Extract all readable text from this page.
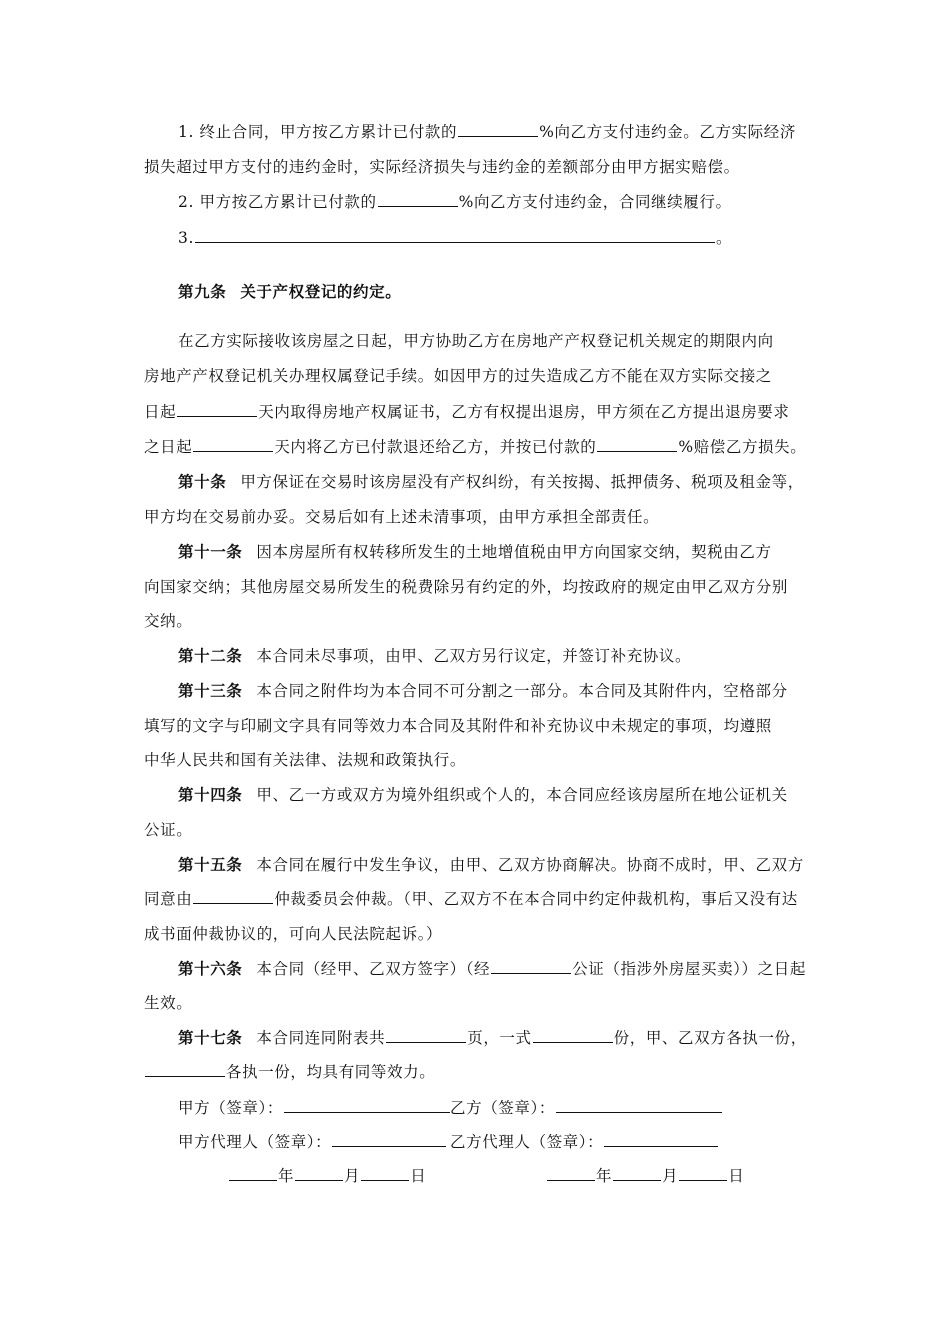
1. 终止合同，甲方按乙方累计已付款的	%向乙方支付违约金。乙方实际经济
损失超过甲方支付的违约金时，实际经济损失与违约金的差额部分由甲方据实赔偿。
2. 甲方按乙方累计已付款的	%向乙方支付违约金，合同继续履行。
3.	。
第九条 关于产权登记的约定。
在乙方实际接收该房屋之日起，甲方协助乙方在房地产产权登记机关规定的期限内向
房地产产权登记机关办理权属登记手续。如因甲方的过失造成乙方不能在双方实际交接之
日起	天内取得房地产权属证书，乙方有权提出退房，甲方须在乙方提出退房要求
之日起	天内将乙方已付款退还给乙方，并按已付款的	%赔偿乙方损失。
第十条 甲方保证在交易时该房屋没有产权纠纷，有关按揭、抵押债务、税项及租金等，
甲方均在交易前办妥。交易后如有上述未清事项，由甲方承担全部责任。
第十一条 因本房屋所有权转移所发生的土地增值税由甲方向国家交纳，契税由乙方
向国家交纳；其他房屋交易所发生的税费除另有约定的外，均按政府的规定由甲乙双方分别
交纳。
第十二条 本合同未尽事项，由甲、乙双方另行议定，并签订补充协议。
第十三条 本合同之附件均为本合同不可分割之一部分。本合同及其附件内，空格部分
填写的文字与印刷文字具有同等效力本合同及其附件和补充协议中未规定的事项，均遵照
中华人民共和国有关法律、法规和政策执行。
第十四条 甲、乙一方或双方为境外组织或个人的，本合同应经该房屋所在地公证机关
公证。
第十五条 本合同在履行中发生争议，由甲、乙双方协商解决。协商不成时，甲、乙双方
同意由	仲裁委员会仲裁。（甲、乙双方不在本合同中约定仲裁机构，事后又没有达
成书面仲裁协议的，可向人民法院起诉。）
第十六条 本合同（经甲、乙双方签字）（经	公证（指涉外房屋买卖））之日起
生效。
第十七条 本合同连同附表共	页，一式	份，甲、乙双方各执一份，
各执一份，均具有同等效力。
甲方（签章）：	乙方（签章）：
甲方代理人（签章）：	乙方代理人（签章）：
年	月	日	年	月	日
